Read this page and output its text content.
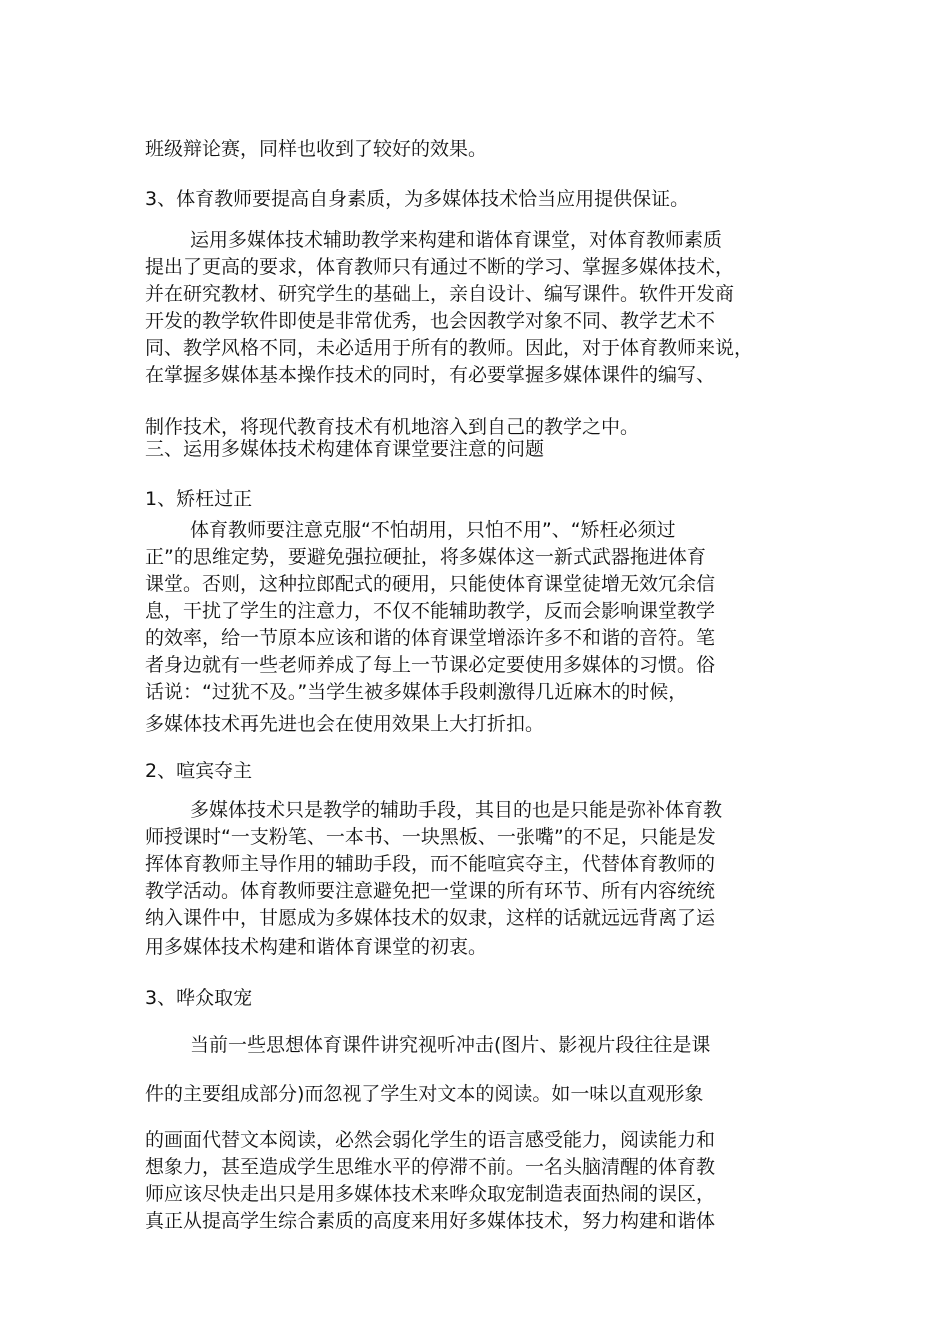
班级辩论赛，同样也收到了较好的效果。

3、体育教师要提高自身素质，为多媒体技术恰当应用提供保证。

运用多媒体技术辅助教学来构建和谐体育课堂，对体育教师素质

提出了更高的要求，体育教师只有通过不断的学习、掌握多媒体技术，

并在研究教材、研究学生的基础上，亲自设计、编写课件。软件开发商

开发的教学软件即使是非常优秀，也会因教学对象不同、教学艺术不

同、教学风格不同，未必适用于所有的教师。因此，对于体育教师来说，

在掌握多媒体基本操作技术的同时，有必要掌握多媒体课件的编写、

制作技术，将现代教育技术有机地溶入到自己的教学之中。

三、运用多媒体技术构建体育课堂要注意的问题

1、矫枉过正

体育教师要注意克服“不怕胡用，只怕不用”、“矫枉必须过

正”的思维定势，要避免强拉硬扯，将多媒体这一新式武器拖进体育

课堂。否则，这种拉郎配式的硬用，只能使体育课堂徒增无效冗余信

息，干扰了学生的注意力，不仅不能辅助教学，反而会影响课堂教学

的效率，给一节原本应该和谐的体育课堂增添许多不和谐的音符。笔

者身边就有一些老师养成了每上一节课必定要使用多媒体的习惯。俗

话说：“过犹不及。”当学生被多媒体手段刺激得几近麻木的时候，

多媒体技术再先进也会在使用效果上大打折扣。

2、喧宾夺主

多媒体技术只是教学的辅助手段，其目的也是只能是弥补体育教

师授课时“一支粉笔、一本书、一块黑板、一张嘴”的不足，只能是发

挥体育教师主导作用的辅助手段，而不能喧宾夺主，代替体育教师的

教学活动。体育教师要注意避免把一堂课的所有环节、所有内容统统

纳入课件中，甘愿成为多媒体技术的奴隶，这样的话就远远背离了运

用多媒体技术构建和谐体育课堂的初衷。

3、哗众取宠

当前一些思想体育课件讲究视听冲击(图片、影视片段往往是课

件的主要组成部分)而忽视了学生对文本的阅读。如一味以直观形象

的画面代替文本阅读，必然会弱化学生的语言感受能力，阅读能力和

想象力，甚至造成学生思维水平的停滞不前。一名头脑清醒的体育教

师应该尽快走出只是用多媒体技术来哗众取宠制造表面热闹的误区，

真正从提高学生综合素质的高度来用好多媒体技术，努力构建和谐体
